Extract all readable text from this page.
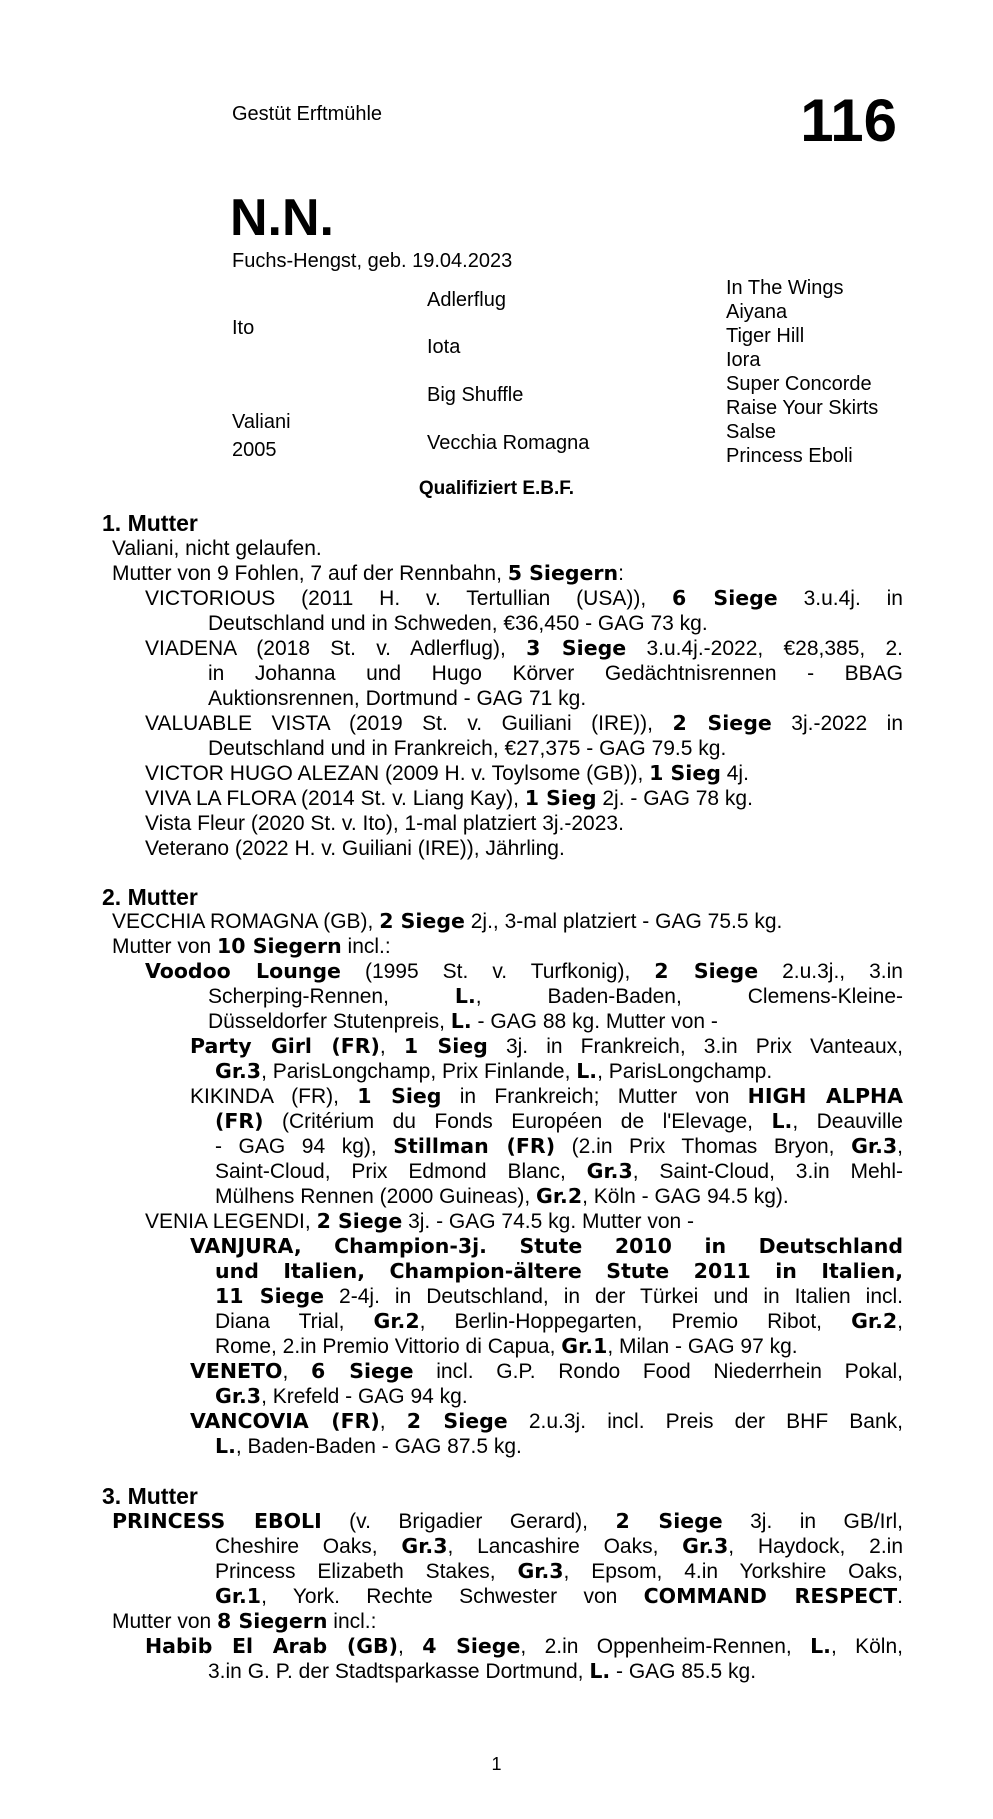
Gestüt Erftmühle	116
N.N.
Fuchs-Hengst, geb. 19.04.2023
Ito
Valiani
2005
Adlerflug
Iota
Big Shuffle
Vecchia Romagna
In The Wings
Aiyana
Tiger Hill
Iora
Super Concorde
Raise Your Skirts
Salse
Princess Eboli
Qualifiziert E.B.F.
1. Mutter
Valiani, nicht gelaufen.
Mutter von 9 Fohlen, 7 auf der Rennbahn, 5 Siegern:
VICTORIOUS (2011 H. v. Tertullian (USA)), 6 Siege 3.u.4j. in
Deutschland und in Schweden, €36,450 - GAG 73 kg.
VIADENA (2018 St. v. Adlerflug), 3 Siege 3.u.4j.-2022, €28,385, 2.
in Johanna und Hugo Körver Gedächtnisrennen - BBAG
Auktionsrennen, Dortmund - GAG 71 kg.
VALUABLE VISTA (2019 St. v. Guiliani (IRE)), 2 Siege 3j.-2022 in
Deutschland und in Frankreich, €27,375 - GAG 79.5 kg.
VICTOR HUGO ALEZAN (2009 H. v. Toylsome (GB)), 1 Sieg 4j.
VIVA LA FLORA (2014 St. v. Liang Kay), 1 Sieg 2j. - GAG 78 kg.
Vista Fleur (2020 St. v. Ito), 1-mal platziert 3j.-2023.
Veterano (2022 H. v. Guiliani (IRE)), Jährling.
2. Mutter
VECCHIA ROMAGNA (GB), 2 Siege 2j., 3-mal platziert - GAG 75.5 kg.
Mutter von 10 Siegern incl.:
Voodoo Lounge (1995 St. v. Turfkonig), 2 Siege 2.u.3j., 3.in
Scherping-Rennen, L., Baden-Baden, Clemens-Kleine-
Düsseldorfer Stutenpreis, L. - GAG 88 kg. Mutter von -
Party Girl (FR), 1 Sieg 3j. in Frankreich, 3.in Prix Vanteaux,
Gr.3, ParisLongchamp, Prix Finlande, L., ParisLongchamp.
KIKINDA (FR), 1 Sieg in Frankreich; Mutter von HIGH ALPHA
(FR) (Critérium du Fonds Européen de l'Elevage, L., Deauville
- GAG 94 kg), Stillman (FR) (2.in Prix Thomas Bryon, Gr.3,
Saint-Cloud, Prix Edmond Blanc, Gr.3, Saint-Cloud, 3.in Mehl-
Mülhens Rennen (2000 Guineas), Gr.2, Köln - GAG 94.5 kg).
VENIA LEGENDI, 2 Siege 3j. - GAG 74.5 kg. Mutter von -
VANJURA, Champion-3j. Stute 2010 in Deutschland
und Italien, Champion-ältere Stute 2011 in Italien,
11 Siege 2-4j. in Deutschland, in der Türkei und in Italien incl.
Diana Trial, Gr.2, Berlin-Hoppegarten, Premio Ribot, Gr.2,
Rome, 2.in Premio Vittorio di Capua, Gr.1, Milan - GAG 97 kg.
VENETO, 6 Siege incl. G.P. Rondo Food Niederrhein Pokal,
Gr.3, Krefeld - GAG 94 kg.
VANCOVIA (FR), 2 Siege 2.u.3j. incl. Preis der BHF Bank,
L., Baden-Baden - GAG 87.5 kg.
3. Mutter
PRINCESS EBOLI (v. Brigadier Gerard), 2 Siege 3j. in GB/Irl,
Cheshire Oaks, Gr.3, Lancashire Oaks, Gr.3, Haydock, 2.in
Princess Elizabeth Stakes, Gr.3, Epsom, 4.in Yorkshire Oaks,
Gr.1, York. Rechte Schwester von COMMAND RESPECT.
Mutter von 8 Siegern incl.:
Habib El Arab (GB), 4 Siege, 2.in Oppenheim-Rennen, L., Köln,
3.in G. P. der Stadtsparkasse Dortmund, L. - GAG 85.5 kg.
1
